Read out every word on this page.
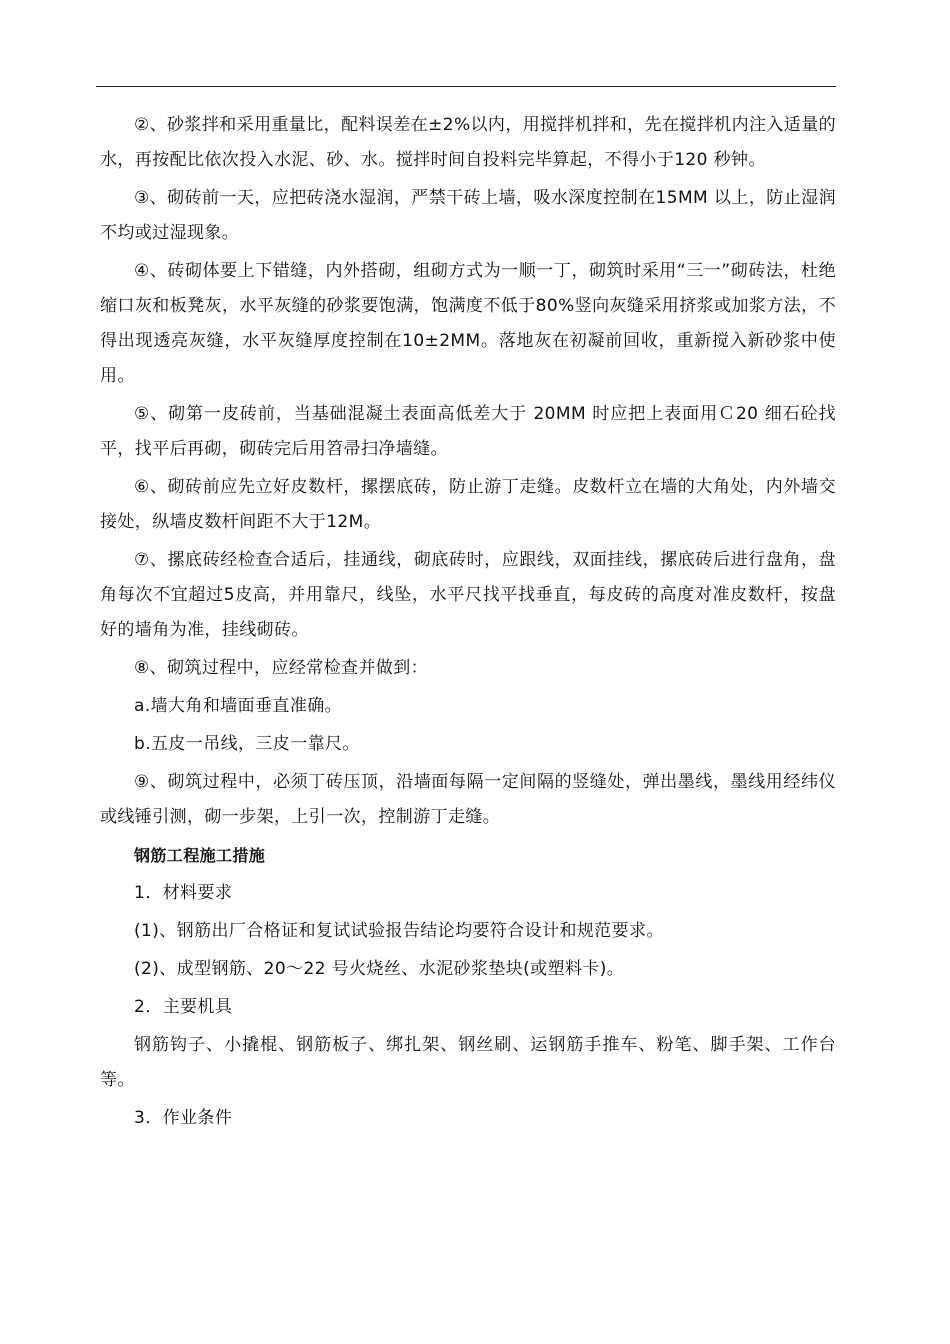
②、砂浆拌和采用重量比，配料误差在±2%以内，用搅拌机拌和，先在搅拌机内注入适量的水，再按配比依次投入水泥、砂、水。搅拌时间自投料完毕算起，不得小于120 秒钟。

③、砌砖前一天，应把砖浇水湿润，严禁干砖上墙，吸水深度控制在15MM 以上，防止湿润不均或过湿现象。

④、砖砌体要上下错缝，内外搭砌，组砌方式为一顺一丁，砌筑时采用“三一”砌砖法，杜绝缩口灰和板凳灰，水平灰缝的砂浆要饱满，饱满度不低于80%竖向灰缝采用挤浆或加浆方法，不得出现透亮灰缝，水平灰缝厚度控制在10±2MM。落地灰在初凝前回收，重新搅入新砂浆中使用。

⑤、砌第一皮砖前，当基础混凝土表面高低差大于 20MM 时应把上表面用Ｃ20 细石砼找平，找平后再砌，砌砖完后用笤帚扫净墙缝。

⑥、砌砖前应先立好皮数杆，摞摆底砖，防止游丁走缝。皮数杆立在墙的大角处，内外墙交接处，纵墙皮数杆间距不大于12M。

⑦、摞底砖经检查合适后，挂通线，砌底砖时，应跟线，双面挂线，摞底砖后进行盘角，盘角每次不宜超过5皮高，并用靠尺，线坠，水平尺找平找垂直，每皮砖的高度对准皮数杆，按盘好的墙角为准，挂线砌砖。

⑧、砌筑过程中，应经常检查并做到：

a.墙大角和墙面垂直准确。

b.五皮一吊线，三皮一靠尺。

⑨、砌筑过程中，必须丁砖压顶，沿墙面每隔一定间隔的竖缝处，弹出墨线，墨线用经纬仪或线锤引测，砌一步架，上引一次，控制游丁走缝。

钢筋工程施工措施

1．材料要求

(1)、钢筋出厂合格证和复试试验报告结论均要符合设计和规范要求。

(2)、成型钢筋、20～22 号火烧丝、水泥砂浆垫块(或塑料卡)。

2．主要机具

钢筋钩子、小撬棍、钢筋板子、绑扎架、钢丝刷、运钢筋手推车、粉笔、脚手架、工作台等。

3．作业条件
